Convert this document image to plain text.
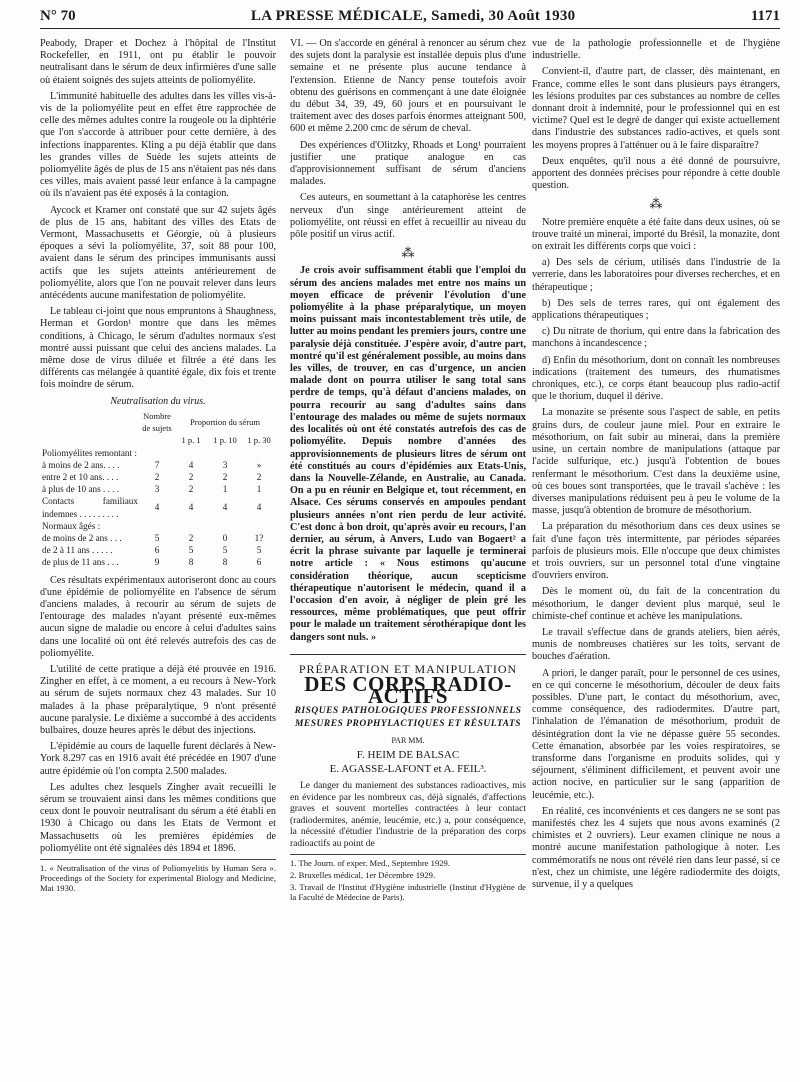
N° 70	LA PRESSE MÉDICALE, Samedi, 30 Août 1930	1171

Peabody, Draper et Dochez à l'hôpital de l'Institut Rockefeller, en 1911, ont pu établir le pouvoir neutralisant dans le sérum de deux infirmières d'une salle où étaient soignés des sujets atteints de poliomyélite.

L'immunité habituelle des adultes dans les villes vis-à-vis de la poliomyélite peut en effet être rapprochée de celle des mêmes adultes contre la rougeole ou la diphtérie que l'on s'accorde à attribuer pour cette dernière, à des infections inapparentes. Kling a pu déjà établir que dans les grandes villes de Suède les sujets atteints de poliomyélite âgés de plus de 15 ans n'étaient pas nés dans ces villes, mais avaient passé leur enfance à la campagne où ils n'avaient pas été exposés à la contagion.

Aycock et Kramer ont constaté que sur 42 sujets âgés de plus de 15 ans, habitant des villes des Etats de Vermont, Massachusetts et Géorgie, où à plusieurs époques a sévi la poliomyélite, 37, soit 88 pour 100, avaient dans le sérum des principes immunisants aussi actifs que les sujets atteints antérieurement de poliomyélite, alors que l'on ne pouvait relever dans leurs antécédents aucune manifestation de poliomyélite.

Le tableau ci-joint que nous empruntons à Shaughness, Herman et Gordon¹ montre que dans les mêmes conditions, à Chicago, le sérum d'adultes normaux s'est montré aussi puissant que celui des anciens malades. La même dose de virus diluée et filtrée a été dans les différents cas mélangée à quantité égale, dix fois et trente fois moindre de sérum.

Neutralisation du virus.
	Nombre de sujets	Proportion du sérum		
		1 p. 1	1 p. 10	1 p. 30
Poliomyélites remontant :				
à moins de 2 ans. . . .	7	4	3	»
entre 2 et 10 ans. . . .	2	2	2	2
à plus de 10 ans . . . .	3	2	1	1
Contacts familiaux indemnes . . . . . . . . .	4	4	4	4
Normaux âgés :				
de moins de 2 ans . . .	5	2	0	1?
de 2 à 11 ans . . . . .	6	5	5	5
de plus de 11 ans . . .	9	8	8	6

Ces résultats expérimentaux autoriseront donc au cours d'une épidémie de poliomyélite en l'absence de sérum d'anciens malades, à recourir au sérum de sujets de l'entourage des malades n'ayant présenté eux-mêmes aucun signe de maladie ou encore à celui d'adultes sains dans une localité où ont été relevés autrefois des cas de poliomyélite.

L'utilité de cette pratique a déjà été prouvée en 1916. Zingher en effet, à ce moment, a eu recours à New-York au sérum de sujets normaux chez 43 malades. Sur 10 malades à la phase préparalytique, 9 n'ont présenté aucune paralysie. Le dixième a succombé à des accidents bulbaires, douze heures après le début des injections.

L'épidémie au cours de laquelle furent déclarés à New-York 8.297 cas en 1916 avait été précédée en 1907 d'une autre épidémie où l'on compta 2.500 malades.

Les adultes chez lesquels Zingher avait recueilli le sérum se trouvaient ainsi dans les mêmes conditions que ceux dont le pouvoir neutralisant du sérum a été établi en 1930 à Chicago ou dans les Etats de Vermont et Massachusetts où les premières épidémies de poliomyélite ont été signalées dès 1894 et 1896.

1. « Neutralisation of the virus of Poliomyelitis by Human Sera ». Proceedings of the Society for experimental Biology and Medicine, Mai 1930.

VI. — On s'accorde en général à renoncer au sérum chez des sujets dont la paralysie est installée depuis plus d'une semaine et ne présente plus aucune tendance à l'extension. Etienne de Nancy pense toutefois avoir obtenu des guérisons en commençant à une date éloignée du début 34, 39, 49, 60 jours et en poursuivant le traitement avec des doses parfois énormes atteignant 500, 600 et même 2.200 cmc de sérum de cheval.

Des expériences d'Olitzky, Rhoads et Long¹ pourraient justifier une pratique analogue en cas d'approvisionnement suffisant de sérum d'anciens malades.

Ces auteurs, en soumettant à la cataphorèse les centres nerveux d'un singe antérieurement atteint de poliomyélite, ont réussi en effet à recueillir au niveau du pôle positif un virus actif.

⁂

Je crois avoir suffisamment établi que l'emploi du sérum des anciens malades met entre nos mains un moyen efficace de prévenir l'évolution d'une poliomyélite à la phase préparalytique, un moyen moins puissant mais incontestablement très utile, de lutter au moins pendant les premiers jours, contre une paralysie déjà constituée. J'espère avoir, d'autre part, montré qu'il est généralement possible, au moins dans les villes, de trouver, en cas d'urgence, un ancien malade dont on pourra utiliser le sang total sans perdre de temps, qu'à défaut d'anciens malades, on pourra recourir au sang d'adultes sains dans l'entourage des malades ou même de sujets normaux des localités où ont été constatés autrefois des cas de poliomyélite. Depuis nombre d'années des approvisionnements de plusieurs litres de sérum ont été constitués au cours d'épidémies aux Etats-Unis, dans la Nouvelle-Zélande, en Australie, au Canada. On a pu en réunir en Belgique et, tout récemment, en Alsace. Ces sérums conservés en ampoules pendant plusieurs années n'ont rien perdu de leur activité. C'est donc à bon droit, qu'après avoir eu recours, l'an dernier, au sérum, à Anvers, Ludo van Bogaert² a écrit la phrase suivante par laquelle je terminerai notre article : « Nous estimons qu'aucune considération théorique, aucun scepticisme thérapeutique n'autorisent le médecin, quand il a l'occasion d'en avoir, à négliger de plein gré les ressources, même problématiques, que peut offrir pour le malade un traitement sérothérapique dont les dangers sont nuls. »

PRÉPARATION ET MANIPULATION
DES CORPS RADIO-ACTIFS
RISQUES PATHOLOGIQUES PROFESSIONNELS
MESURES PROPHYLACTIQUES ET RÉSULTATS
PAR MM.
F. HEIM DE BALSAC
E. AGASSE-LAFONT et A. FEIL³.

Le danger du maniement des substances radioactives, mis en évidence par les nombreux cas, déjà signalés, d'affections graves et souvent mortelles contractées à leur contact (radiodermites, anémie, leucémie, etc.) a, pour conséquence, la nécessité d'étudier l'industrie de la préparation des corps radioactifs au point de

1. The Journ. of exper. Med., Septembre 1929.
2. Bruxelles médical, 1er Décembre 1929.
3. Travail de l'Institut d'Hygiène industrielle (Institut d'Hygiène de la Faculté de Médecine de Paris).

vue de la pathologie professionnelle et de l'hygiène industrielle.

Convient-il, d'autre part, de classer, dès maintenant, en France, comme elles le sont dans plusieurs pays étrangers, les lésions produites par ces substances au nombre de celles donnant droit à indemnité, pour le professionnel qui en est victime? Quel est le degré de danger qui existe actuellement dans l'industrie des substances radio-actives, et quels sont les moyens propres à l'atténuer ou à le faire disparaître?

Deux enquêtes, qu'il nous a été donné de poursuivre, apportent des données précises pour répondre à cette double question.

⁂

Notre première enquête a été faite dans deux usines, où se trouve traité un minerai, importé du Brésil, la monazite, dont on extrait les différents corps que voici :

a) Des sels de cérium, utilisés dans l'industrie de la verrerie, dans les laboratoires pour diverses recherches, et en thérapeutique ;

b) Des sels de terres rares, qui ont également des applications thérapeutiques ;

c) Du nitrate de thorium, qui entre dans la fabrication des manchons à incandescence ;

d) Enfin du mésothorium, dont on connaît les nombreuses indications (traitement des tumeurs, des rhumatismes chroniques, etc.), ce corps étant beaucoup plus radio-actif que le thorium, duquel il dérive.

La monazite se présente sous l'aspect de sable, en petits grains durs, de couleur jaune miel. Pour en extraire le mésothorium, on fait subir au minerai, dans la première usine, un certain nombre de manipulations (attaque par l'acide sulfurique, etc.) jusqu'à l'obtention de boues renfermant le mésothorium. C'est dans la deuxième usine, où ces boues sont transportées, que le travail s'achève : les diverses manipulations réduisent peu à peu le volume de la masse, jusqu'à obtention de bromure de mésothorium.

La préparation du mésothorium dans ces deux usines se fait d'une façon très intermittente, par périodes séparées parfois de plusieurs mois. Elle n'occupe que deux chimistes et trois ouvriers, sur un personnel total d'une vingtaine d'ouvriers environ.

Dès le moment où, du fait de la concentration du mésothorium, le danger devient plus marqué, seul le chimiste-chef continue et achève les manipulations.

Le travail s'effectue dans de grands ateliers, bien aérés, munis de nombreuses chatières sur les toits, servant de bouches d'aération.

A priori, le danger paraît, pour le personnel de ces usines, en ce qui concerne le mésothorium, découler de deux faits possibles. D'une part, le contact du mésothorium, avec, comme conséquence, des radiodermites. D'autre part, l'inhalation de l'émanation de mésothorium, produit de désintégration dont la vie ne dépasse guère 55 secondes. Cette émanation, absorbée par les voies respiratoires, se transforme dans l'organisme en produits solides, qui y séjournent, s'éliminent difficilement, et peuvent avoir une action nocive, en particulier sur le sang (apparition de leucémie, etc.).

En réalité, ces inconvénients et ces dangers ne se sont pas manifestés chez les 4 sujets que nous avons examinés (2 chimistes et 2 ouvriers). Leur examen clinique ne nous a montré aucune manifestation pathologique à noter. Les commémoratifs ne nous ont révélé rien dans leur passé, si ce n'est, chez un chimiste, une légère radiodermite des doigts, survenue, il y a quelques
